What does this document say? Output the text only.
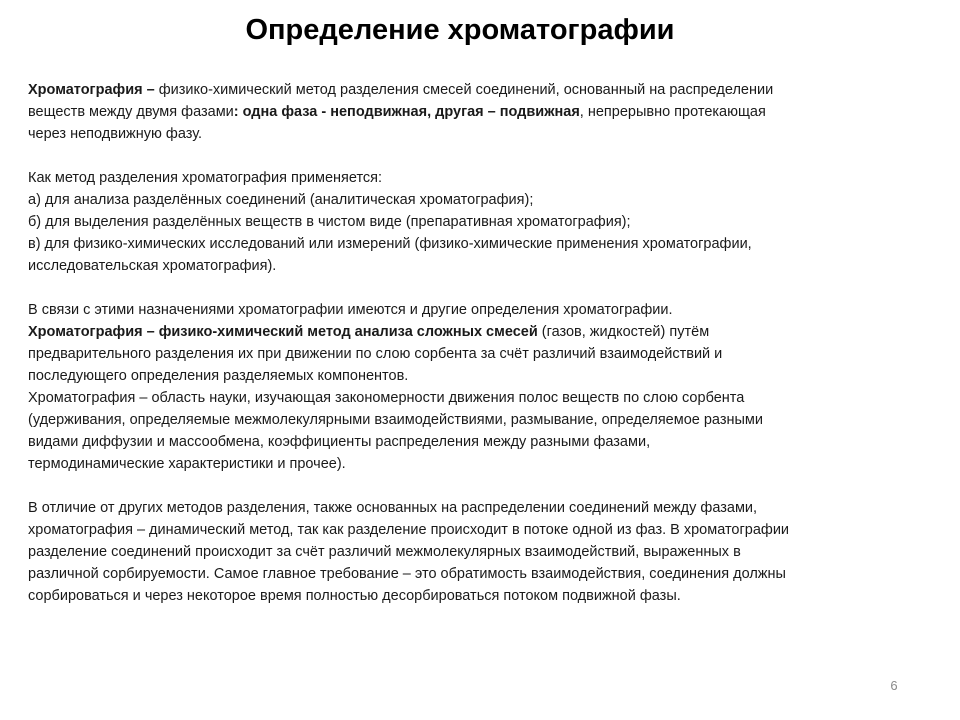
Определение хроматографии
Хроматография – физико-химический метод разделения смесей соединений, основанный на распределении
веществ между двумя фазами: одна фаза - неподвижная, другая – подвижная, непрерывно протекающая
через неподвижную фазу.
Как метод разделения хроматография применяется:
а) для анализа разделённых соединений (аналитическая хроматография);
б) для выделения разделённых веществ в чистом виде (препаративная хроматография);
в) для физико-химических исследований или измерений (физико-химические применения хроматографии,
исследовательская хроматография).
В связи с этими назначениями хроматографии имеются и другие определения хроматографии.
Хроматография – физико-химический метод анализа сложных смесей (газов, жидкостей) путём
предварительного разделения их при движении по слою сорбента за счёт различий взаимодействий и
последующего определения разделяемых компонентов.
Хроматография – область науки, изучающая закономерности движения полос веществ по слою сорбента
(удерживания, определяемые межмолекулярными взаимодействиями, размывание, определяемое разными
видами диффузии и массообмена, коэффициенты распределения между разными фазами,
термодинамические характеристики и прочее).
В отличие от других методов разделения, также основанных на распределении соединений между фазами,
хроматография – динамический метод, так как разделение происходит в потоке одной из фаз. В хроматографии
разделение соединений происходит за счёт различий межмолекулярных взаимодействий, выраженных в
различной сорбируемости. Самое главное требование – это обратимость взаимодействия, соединения должны
сорбироваться и через некоторое время полностью десорбироваться потоком подвижной фазы.
6
